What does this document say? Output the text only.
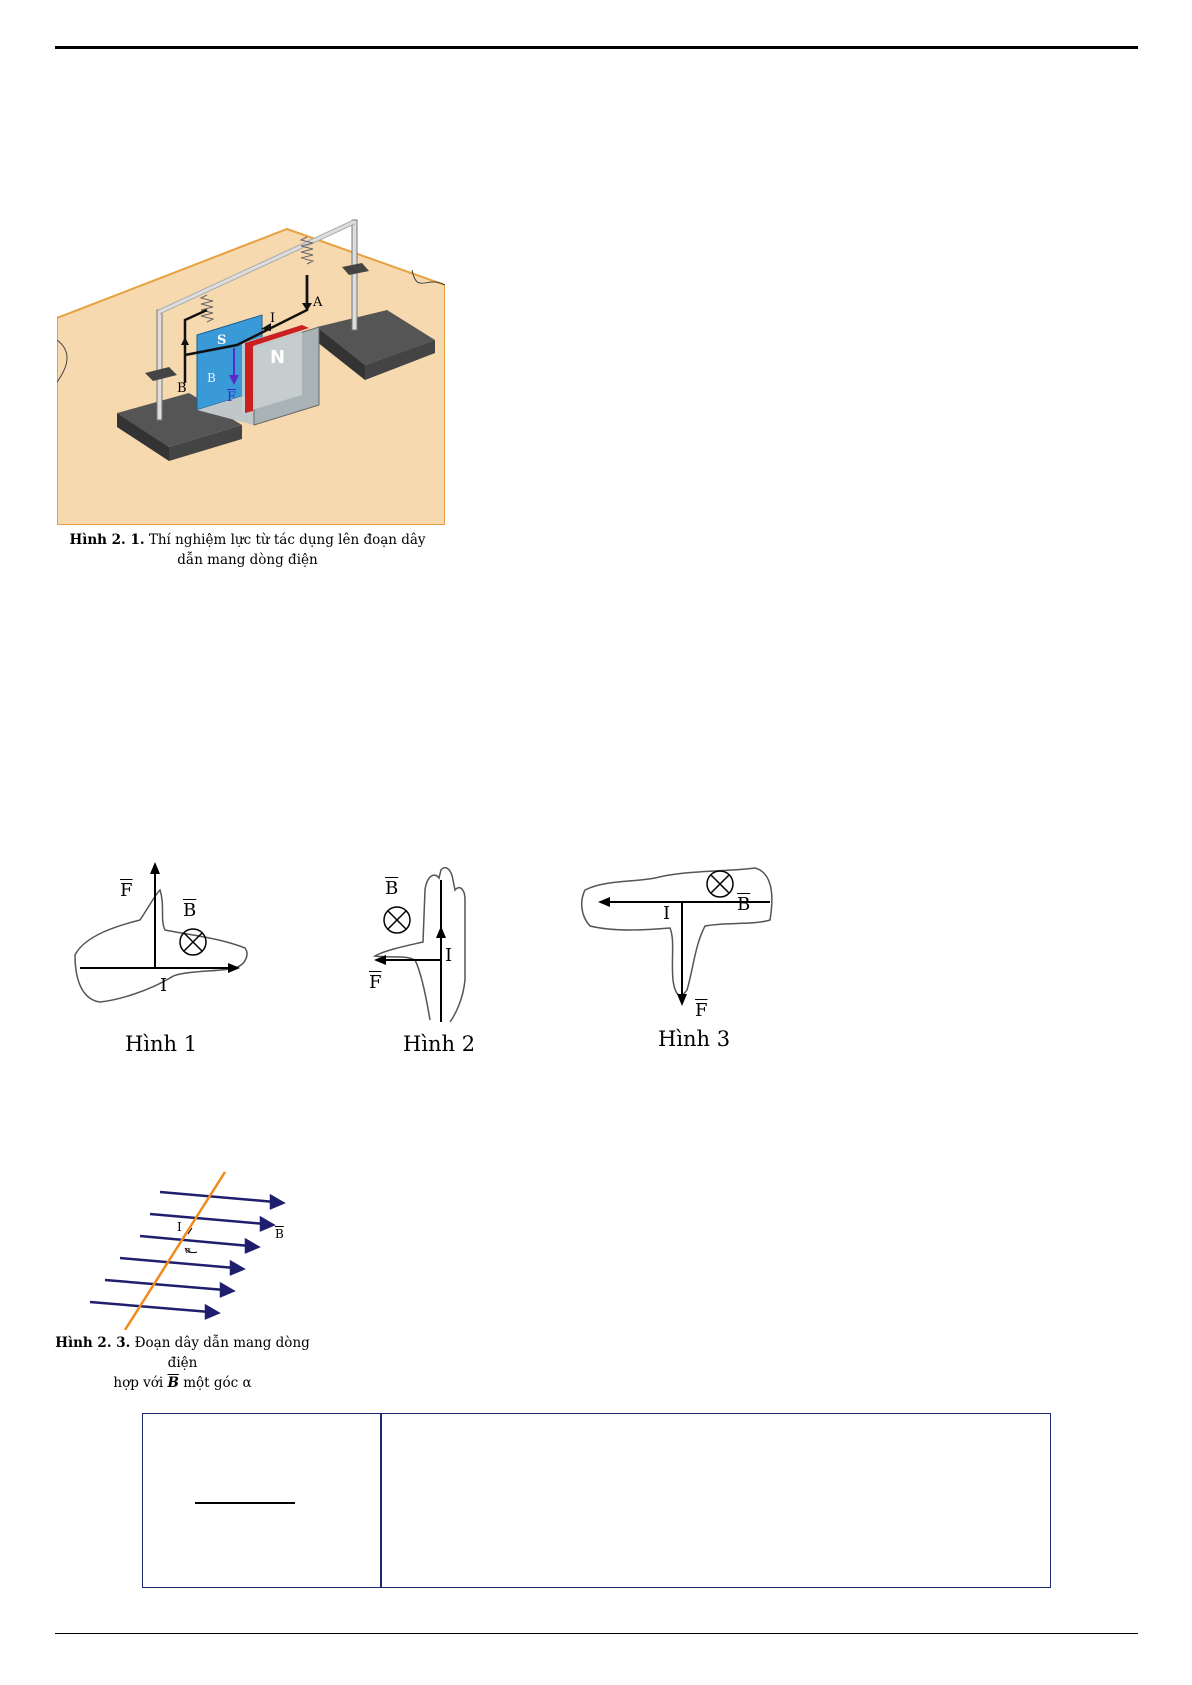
S
N
I
A
B
B
$\overline{F}$
Hình 2. 1. Thí nghiệm lực từ tác dụng lên đoạn dây
dẫn mang dòng điện
$\overline{F}$
$\overline{B}$
I
Hình 1
$\overline{B}$
$\overline{F}$
I
Hình 2
I	$\overline{B}$
$\overline{F}$
Hình 3
I	$\overline{B}$
α
Hình 2. 3. Đoạn dây dẫn mang dòng điện
hợp với $\overline{B}$ một góc α
